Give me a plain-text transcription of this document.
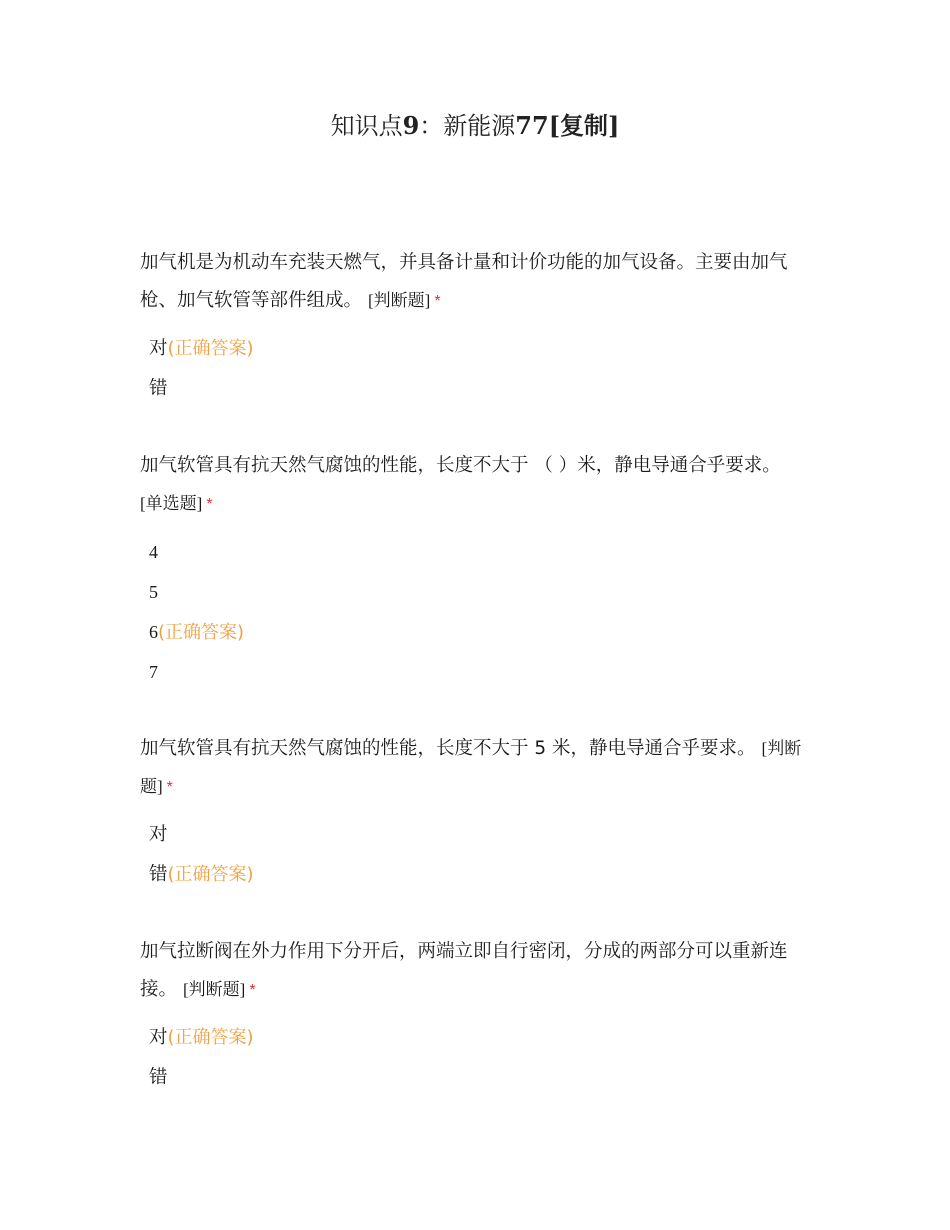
知识点9：新能源77[复制]
加气机是为机动车充装天燃气，并具备计量和计价功能的加气设备。主要由加气枪、加气软管等部件组成。 [判断题] *
对(正确答案)
错
加气软管具有抗天然气腐蚀的性能，长度不大于 （ ）米，静电导通合乎要求。
[单选题] *
4
5
6(正确答案)
7
加气软管具有抗天然气腐蚀的性能，长度不大于 5 米，静电导通合乎要求。 [判断题] *
对
错(正确答案)
加气拉断阀在外力作用下分开后，两端立即自行密闭，分成的两部分可以重新连接。 [判断题] *
对(正确答案)
错
